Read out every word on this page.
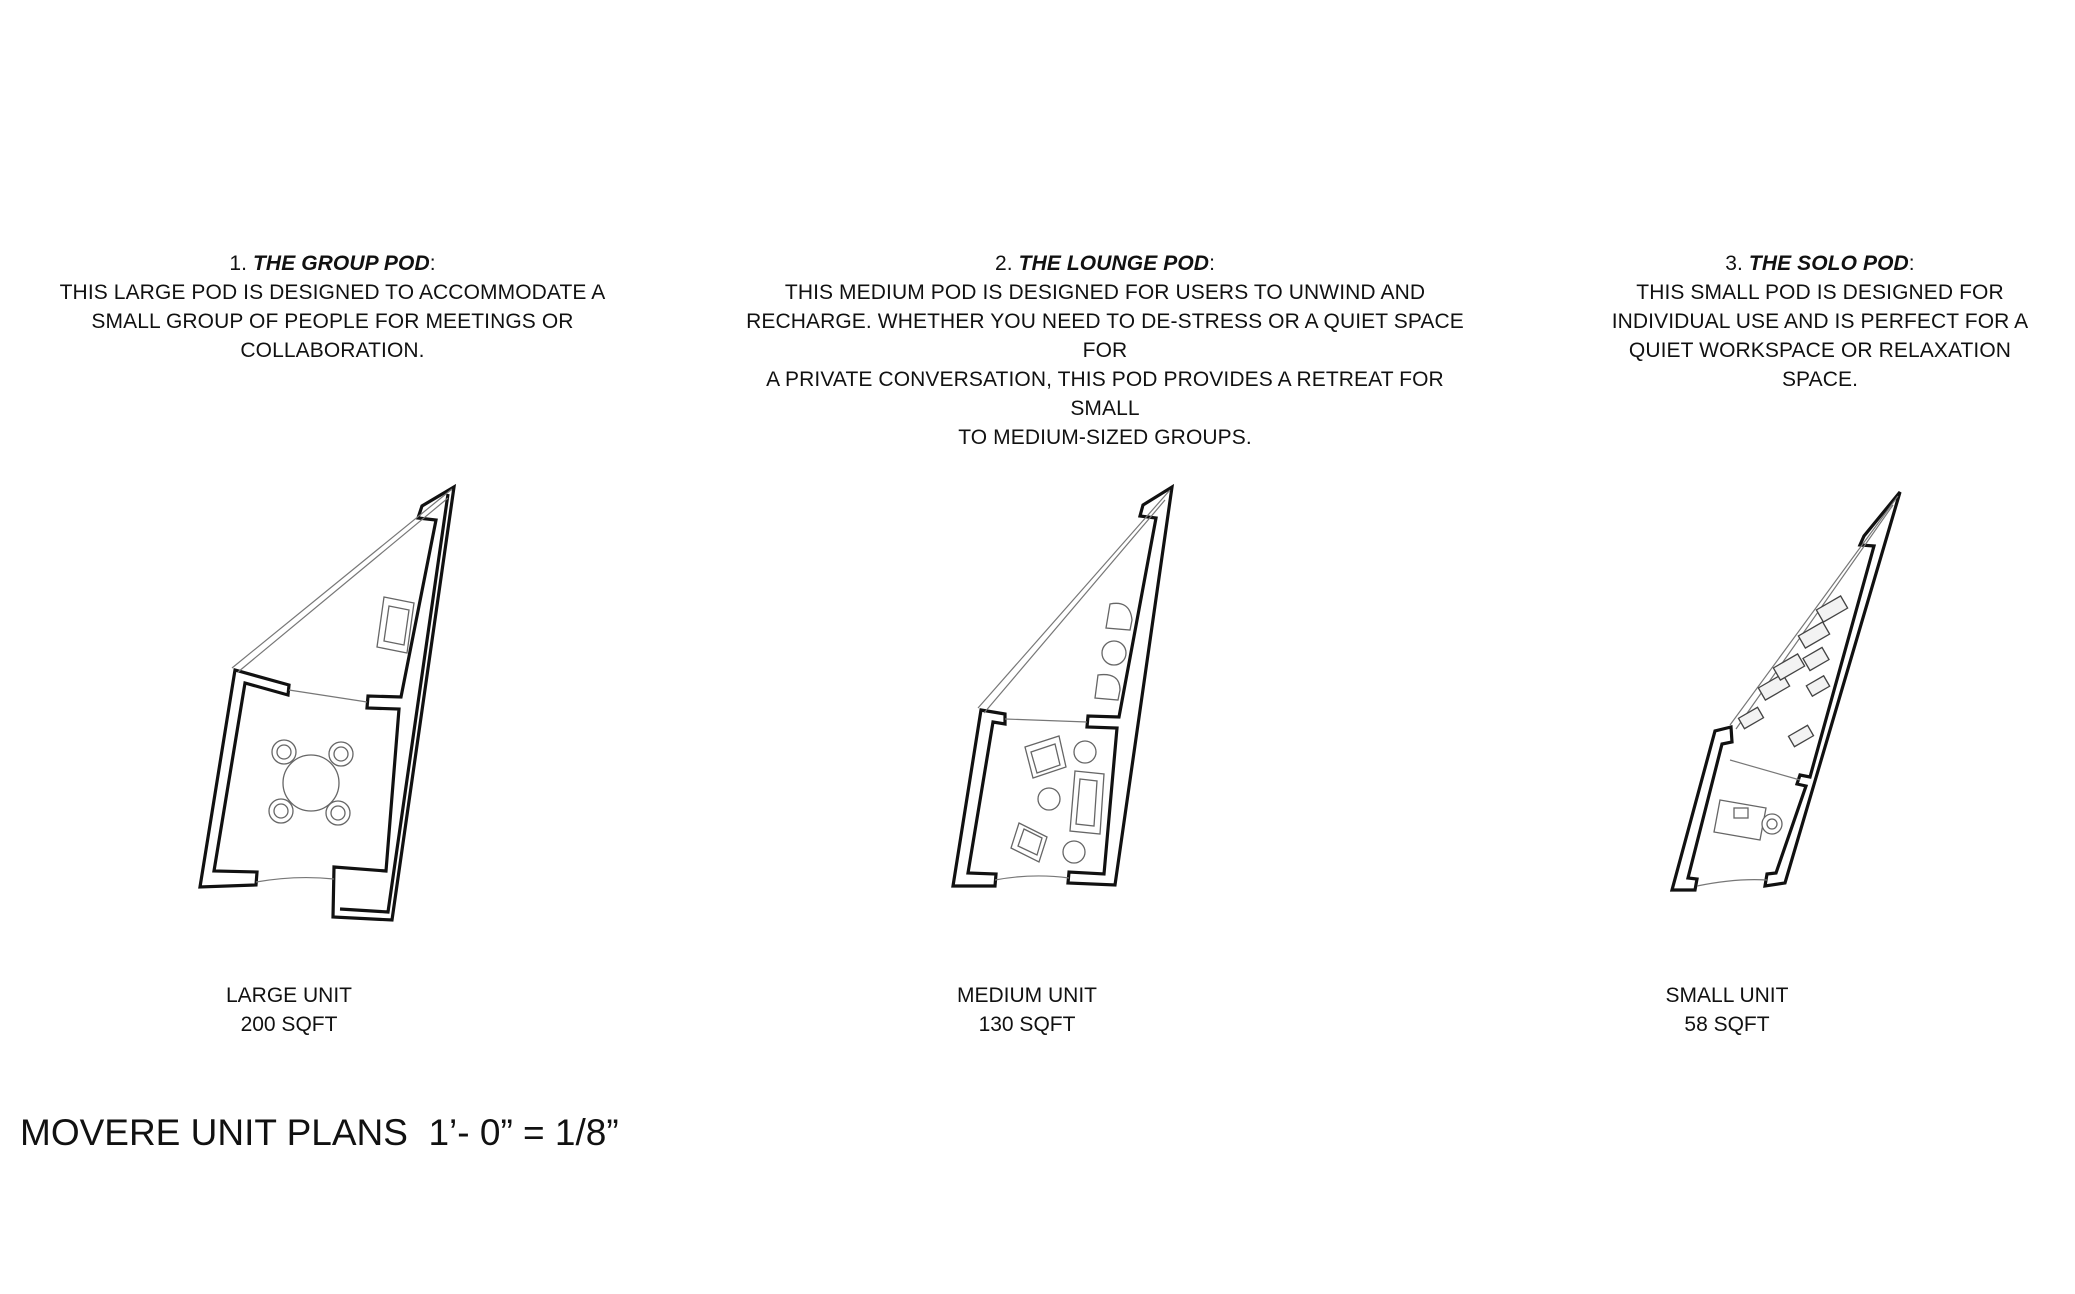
1. THE GROUP POD:
THIS LARGE POD IS DESIGNED TO ACCOMMODATE A
SMALL GROUP OF PEOPLE FOR MEETINGS OR
COLLABORATION.
2. THE LOUNGE POD:
THIS MEDIUM POD IS DESIGNED FOR USERS TO UNWIND AND
RECHARGE. WHETHER YOU NEED TO DE-STRESS OR A QUIET SPACE FOR
A PRIVATE CONVERSATION, THIS POD PROVIDES A RETREAT FOR SMALL
TO MEDIUM-SIZED GROUPS.
3. THE SOLO POD:
THIS SMALL POD IS DESIGNED FOR
INDIVIDUAL USE AND IS PERFECT FOR A
QUIET WORKSPACE OR RELAXATION SPACE.
LARGE UNIT
200 SQFT
MEDIUM UNIT
130 SQFT
SMALL UNIT
58 SQFT
MOVERE UNIT PLANS  1’- 0” = 1/8”
